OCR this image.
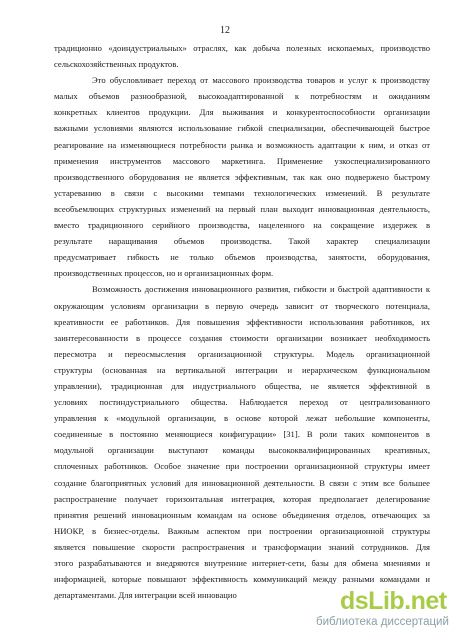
12
традиционно «доиндустриальных» отраслях, как добыча полезных ископаемых, производство
сельскохозяйственных продуктов.
Это обусловливает переход от массового производства товаров и услуг к производству
малых объемов разнообразной, высокоадаптированной к потребностям и ожиданиям
конкретных клиентов продукции. Для выживания и конкурентоспособности организации
важными условиями являются использование гибкой специализации, обеспечивающей быстрое
реагирование на изменяющиеся потребности рынка и возможность адаптации к ним, и отказ от
применения инструментов массового маркетинга. Применение узкоспециализированного
производственного оборудования не является эффективным, так как оно подвержено быстрому
устареванию в связи с высокими темпами технологических изменений. В результате
всеобъемлющих структурных изменений на первый план выходит инновационная деятельность,
вместо традиционного серийного производства, нацеленного на сокращение издержек в
результате наращивания объемов производства. Такой характер специализации
предусматривает гибкость не только объемов производства, занятости, оборудования,
производственных процессов, но и организационных форм.
Возможность достижения инновационного развития, гибкости и быстрой адаптивности к
окружающим условиям организации в первую очередь зависит от творческого потенциала,
креативности ее работников. Для повышения эффективности использования работников, их
заинтересованности в процессе создания стоимости организации возникает необходимость
пересмотра и переосмысления организационной структуры. Модель организационной
структуры (основанная на вертикальной интеграции и иерархическом функциональном
управлении), традиционная для индустриального общества, не является эффективной в
условиях постиндустриального общества. Наблюдается переход от централизованного
управления к «модульной организации, в основе которой лежат небольшие компоненты,
соединенные в постоянно меняющиеся конфигурации» [31]. В роли таких компонентов в
модульной организации выступают команды высококвалифицированных креативных,
сплоченных работников. Особое значение при построении организационной структуры имеет
создание благоприятных условий для инновационной деятельности. В связи с этим все большее
распространение получает горизонтальная интеграция, которая предполагает делегирование
принятия решений инновационным командам на основе объединения отделов, отвечающих за
НИОКР, в бизнес-отделы. Важным аспектом при построении организационной структуры
является повышение скорости распространения и трансформации знаний сотрудников. Для
этого разрабатываются и внедряются внутренние интернет-сети, базы для обмена мнениями и
информацией, которые повышают эффективность коммуникаций между разными командами и
департаментами. Для интеграции всей инновацио	dsLib.net
библиотека диссертаций
